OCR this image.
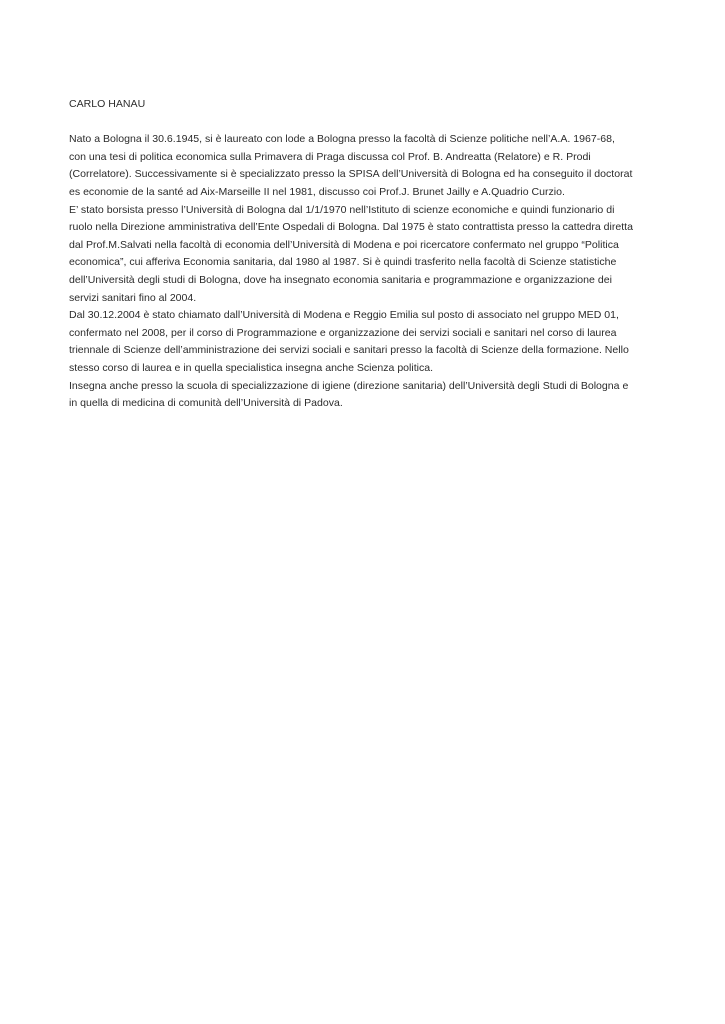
CARLO HANAU
Nato a Bologna il 30.6.1945, si è laureato con lode a Bologna presso la facoltà di Scienze politiche nell’A.A. 1967-68,
con una tesi di politica economica sulla Primavera di Praga discussa col Prof. B. Andreatta (Relatore) e R. Prodi
(Correlatore). Successivamente si è specializzato presso la SPISA dell’Università di Bologna ed ha conseguito il doctorat
es economie de la santé ad Aix-Marseille II nel 1981, discusso coi Prof.J. Brunet Jailly e A.Quadrio Curzio.
E’ stato borsista presso l’Università di Bologna dal 1/1/1970 nell’Istituto di scienze economiche e quindi funzionario di
ruolo nella Direzione amministrativa dell’Ente Ospedali di Bologna. Dal 1975 è stato contrattista presso la cattedra diretta
dal Prof.M.Salvati nella facoltà di economia dell’Università di Modena e poi ricercatore confermato nel gruppo “Politica
economica”, cui afferiva Economia sanitaria, dal 1980 al 1987. Si è quindi trasferito nella facoltà di Scienze statistiche
dell’Università degli studi di Bologna, dove ha insegnato economia sanitaria e programmazione e organizzazione dei
servizi sanitari fino al 2004.
Dal 30.12.2004 è stato chiamato dall’Università di Modena e Reggio Emilia sul posto di associato nel gruppo MED 01,
confermato nel 2008, per il corso di Programmazione e organizzazione dei servizi sociali e sanitari nel corso di laurea
triennale di Scienze dell’amministrazione dei servizi sociali e sanitari presso la facoltà di Scienze della formazione. Nello
stesso corso di laurea e in quella specialistica insegna anche Scienza politica.
Insegna anche presso la scuola di specializzazione di igiene (direzione sanitaria) dell’Università degli Studi di Bologna e
in quella di medicina di comunità dell’Università di Padova.
